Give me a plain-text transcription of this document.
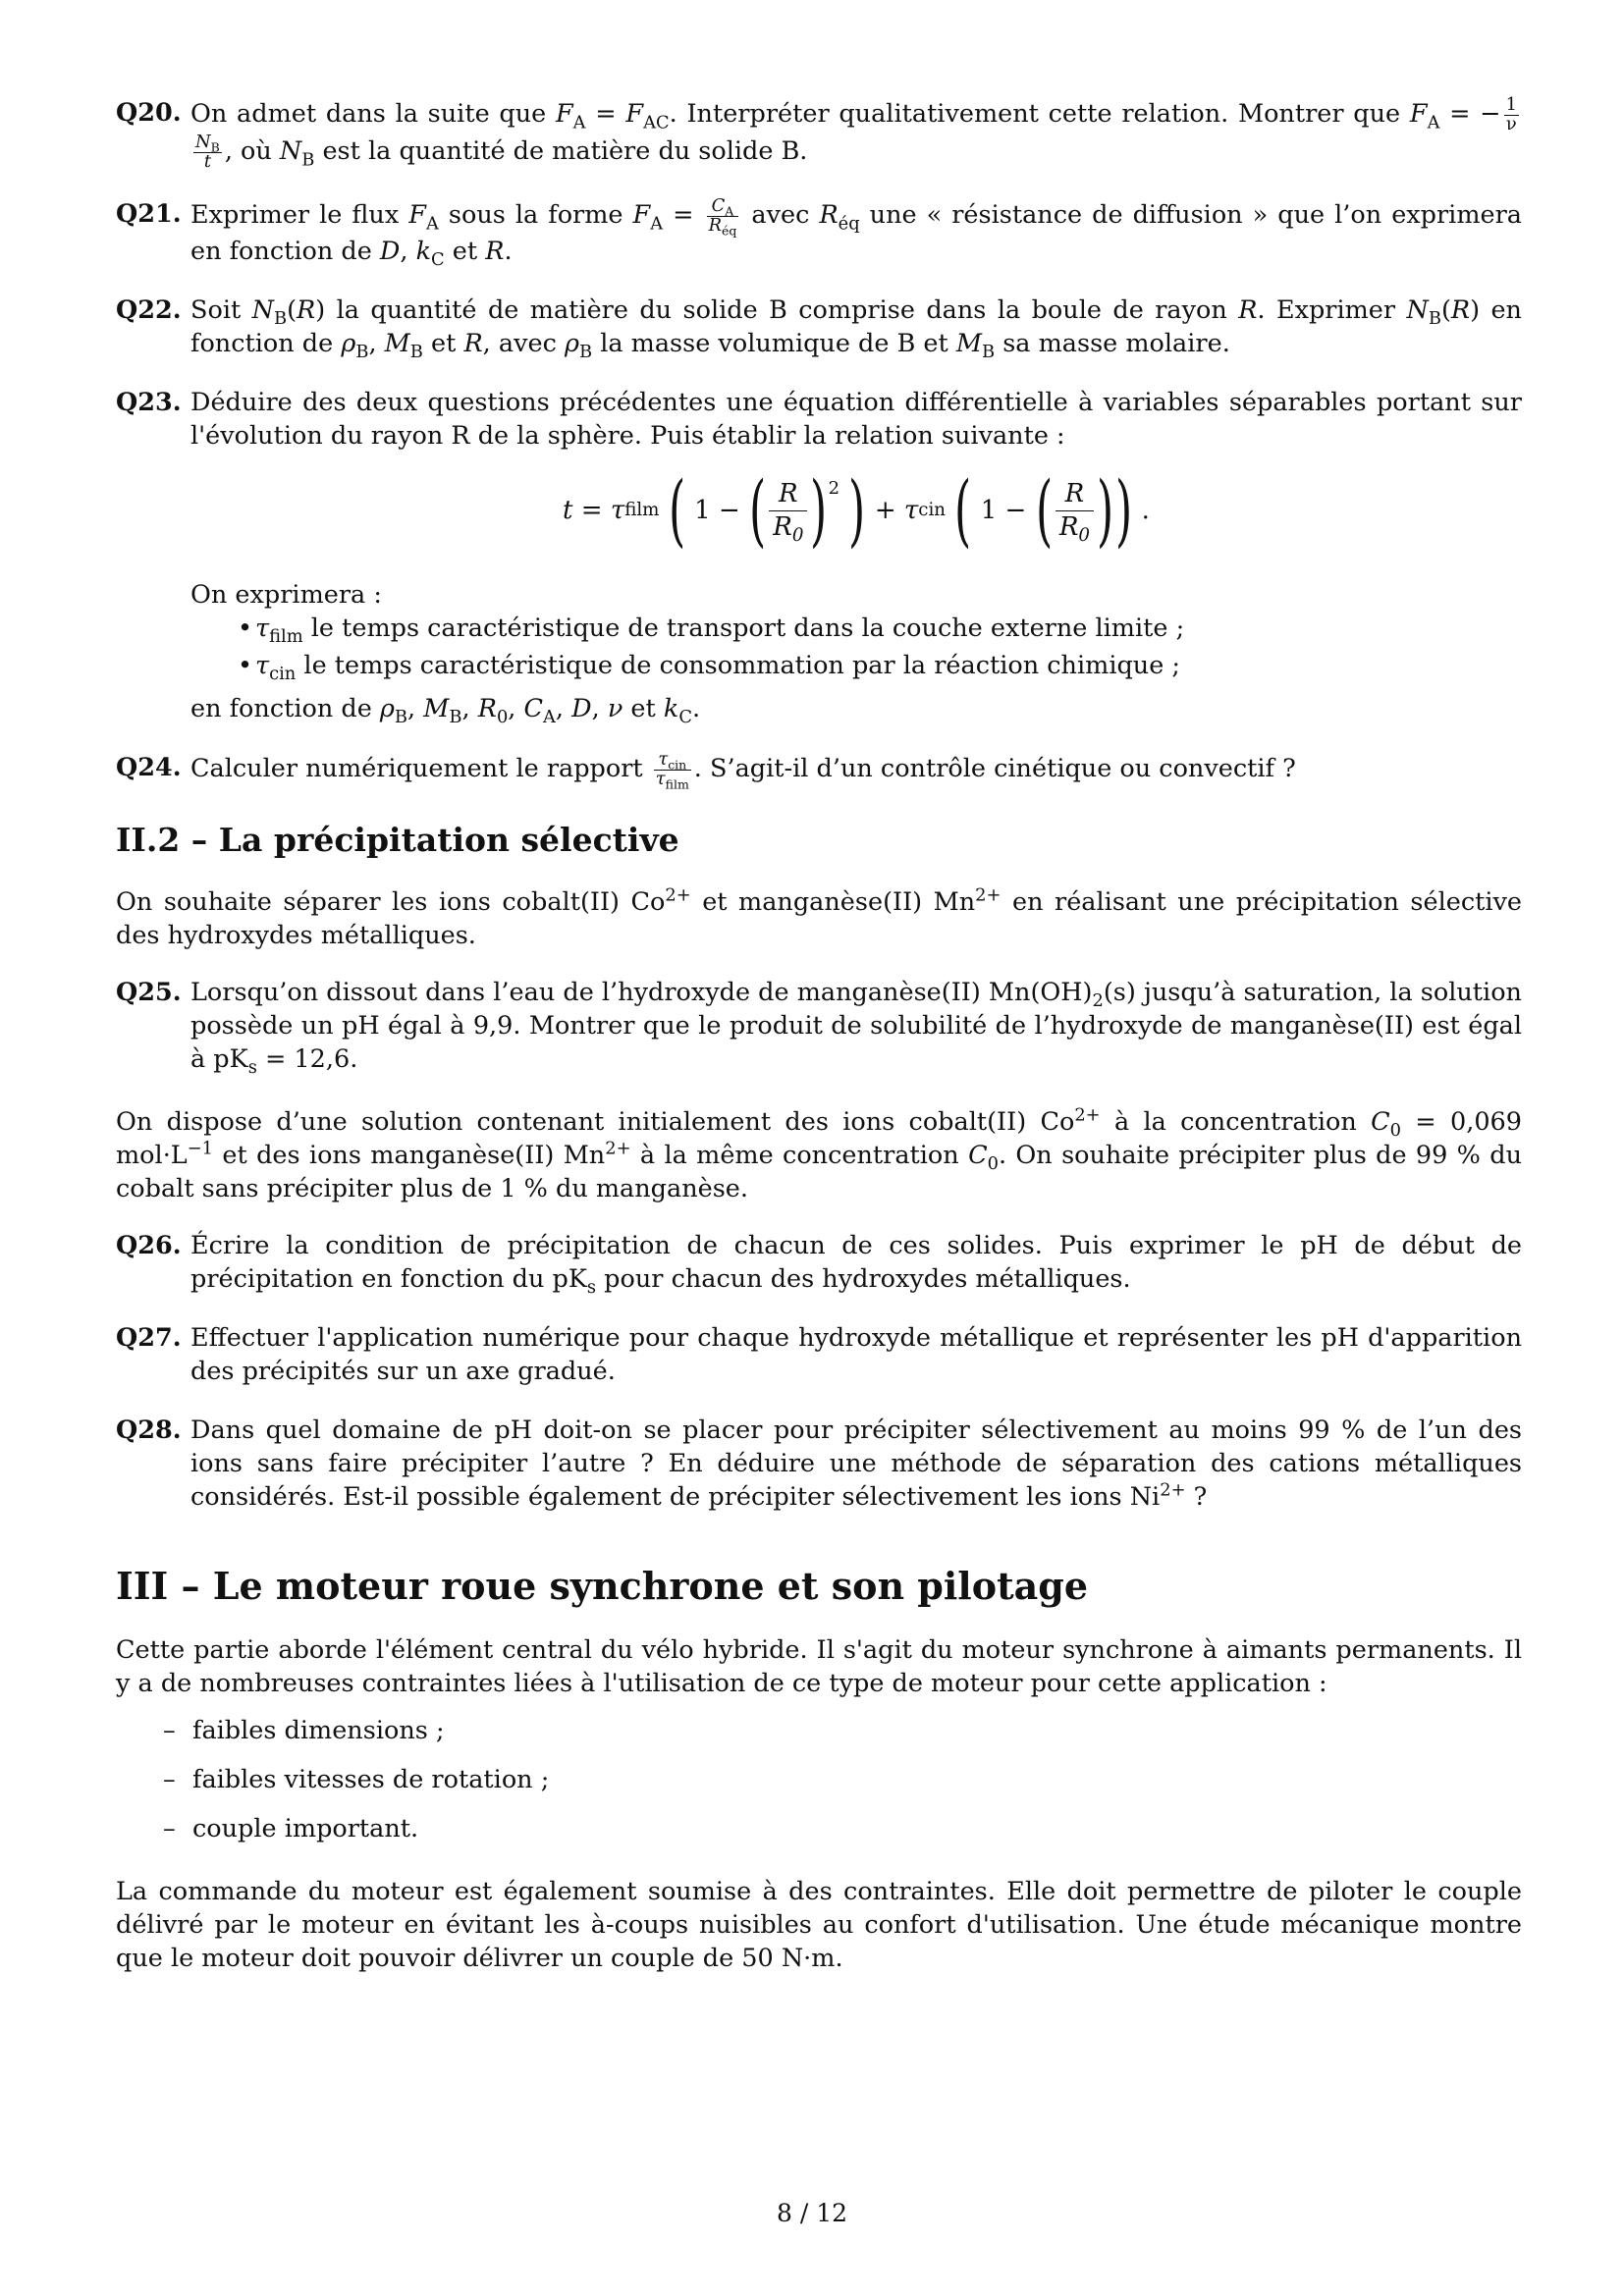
Q20. On admet dans la suite que $F_A = F_{AC}$. Interpréter qualitativement cette relation. Montrer que $F_A$ = − $\frac{1}{\nu}$
$\frac{N_B}{t}$ , où $N_B$ est la quantité de matière du solide B.
Q21. Exprimer le flux $F_A$ sous la forme $F_A = \frac{C_A}{R_{éq}}$ avec $R_{éq}$ une « résistance de diffusion » que l’on exprimera en fonction de D, $k_C$ et R.
Q22. Soit $N_B(R)$ la quantité de matière du solide B comprise dans la boule de rayon R. Exprimer $N_B(R)$ en fonction de $\rho_B$, $M_B$ et R, avec $\rho_B$ la masse volumique de B et $M_B$ sa masse molaire.
Q23. Déduire des deux questions précédentes une équation différentielle à variables séparables portant sur l'évolution du rayon R de la sphère. Puis établir la relation suivante :
t = τ film
( 1 − ( R
$R_0$ )$^2$
) + τ cin
( 1 − ( R
$R_0$ ) ) .
On exprimera :
• $\tau_{film}$ le temps caractéristique de transport dans la couche externe limite ;
• $\tau_{cin}$ le temps caractéristique de consommation par la réaction chimique ;
en fonction de $\rho_B$, $M_B$, $R_0$, $C_A$, D, ν et $k_C$.
Q24. Calculer numériquement le rapport $\frac{\tau_{cin}}{\tau_{film}}$ . S’agit-il d’un contrôle cinétique ou convectif ?
II.2 – La précipitation sélective
On souhaite séparer les ions cobalt(II) $Co^{2+}$ et manganèse(II) $Mn^{2+}$ en réalisant une précipitation sélective des hydroxydes métalliques.
Q25. Lorsqu’on dissout dans l’eau de l’hydroxyde de manganèse(II) $Mn(OH)_2(s)$ jusqu’à saturation, la solution possède un pH égal à 9,9. Montrer que le produit de solubilité de l’hydroxyde de manganèse(II) est égal à $pK_s = 12,6$.
On dispose d’une solution contenant initialement des ions cobalt(II) $Co^{2+}$ à la concentration $C_0 = 0,069$ $mol\cdot L^{-1}$ et des ions manganèse(II) $Mn^{2+}$ à la même concentration $C_0$. On souhaite précipiter plus de 99 % du cobalt sans précipiter plus de 1 % du manganèse.
Q26. Écrire la condition de précipitation de chacun de ces solides. Puis exprimer le pH de début de précipitation en fonction du $pK_s$ pour chacun des hydroxydes métalliques.
Q27. Effectuer l'application numérique pour chaque hydroxyde métallique et représenter les pH d'apparition des précipités sur un axe gradué.
Q28. Dans quel domaine de pH doit-on se placer pour précipiter sélectivement au moins 99 % de l’un des ions sans faire précipiter l’autre ? En déduire une méthode de séparation des cations métalliques considérés. Est-il possible également de précipiter sélectivement les ions $Ni^{2+}$ ?
III – Le moteur roue synchrone et son pilotage
Cette partie aborde l'élément central du vélo hybride. Il s'agit du moteur synchrone à aimants permanents. Il y a de nombreuses contraintes liées à l'utilisation de ce type de moteur pour cette application :
– faibles dimensions ;
– faibles vitesses de rotation ;
– couple important.
La commande du moteur est également soumise à des contraintes. Elle doit permettre de piloter le couple délivré par le moteur en évitant les à-coups nuisibles au confort d'utilisation. Une étude mécanique montre que le moteur doit pouvoir délivrer un couple de 50 N·m.
8 / 12
